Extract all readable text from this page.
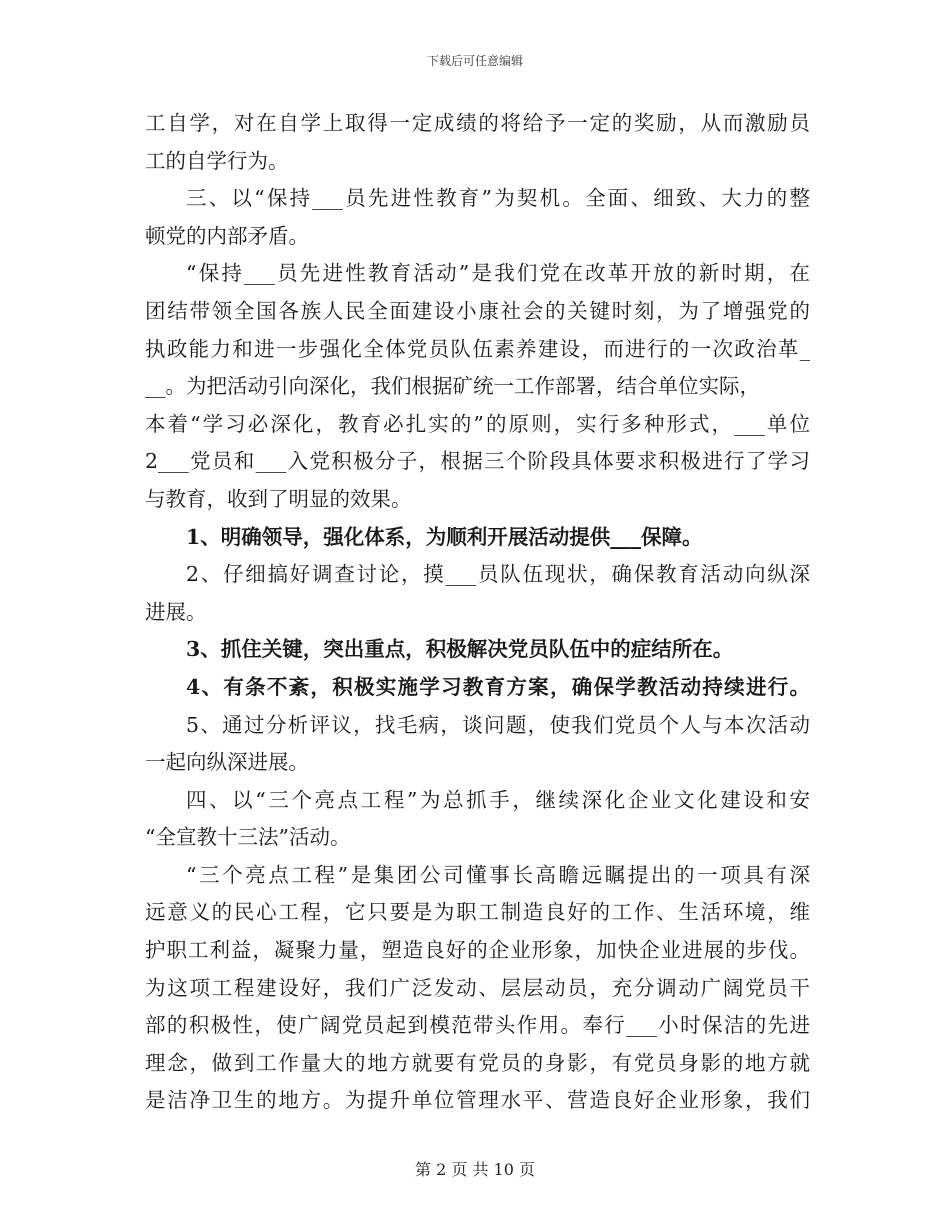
下载后可任意编辑
工自学，对在自学上取得一定成绩的将给予一定的奖励，从而激励员
工的自学行为。
三、以“保持___员先进性教育”为契机。全面、细致、大力的整
顿党的内部矛盾。
“保持___员先进性教育活动”是我们党在改革开放的新时期，在
团结带领全国各族人民全面建设小康社会的关键时刻，为了增强党的
执政能力和进一步强化全体党员队伍素养建设，而进行的一次政治革_
__。为把活动引向深化，我们根据矿统一工作部署，结合单位实际，
本着“学习必深化，教育必扎实的”的原则，实行多种形式，___单位
2___党员和___入党积极分子，根据三个阶段具体要求积极进行了学习
与教育，收到了明显的效果。
1、明确领导，强化体系，为顺利开展活动提供___保障。
2、仔细搞好调查讨论，摸___员队伍现状，确保教育活动向纵深
进展。
3、抓住关键，突出重点，积极解决党员队伍中的症结所在。
4、有条不紊，积极实施学习教育方案，确保学教活动持续进行。
5、通过分析评议，找毛病，谈问题，使我们党员个人与本次活动
一起向纵深进展。
四、以“三个亮点工程”为总抓手，继续深化企业文化建设和安
“全宣教十三法”活动。
“三个亮点工程”是集团公司懂事长高瞻远瞩提出的一项具有深
远意义的民心工程，它只要是为职工制造良好的工作、生活环境，维
护职工利益，凝聚力量，塑造良好的企业形象，加快企业进展的步伐。
为这项工程建设好，我们广泛发动、层层动员，充分调动广阔党员干
部的积极性，使广阔党员起到模范带头作用。奉行___小时保洁的先进
理念，做到工作量大的地方就要有党员的身影，有党员身影的地方就
是洁净卫生的地方。为提升单位管理水平、营造良好企业形象，我们
第 2 页 共 10 页
